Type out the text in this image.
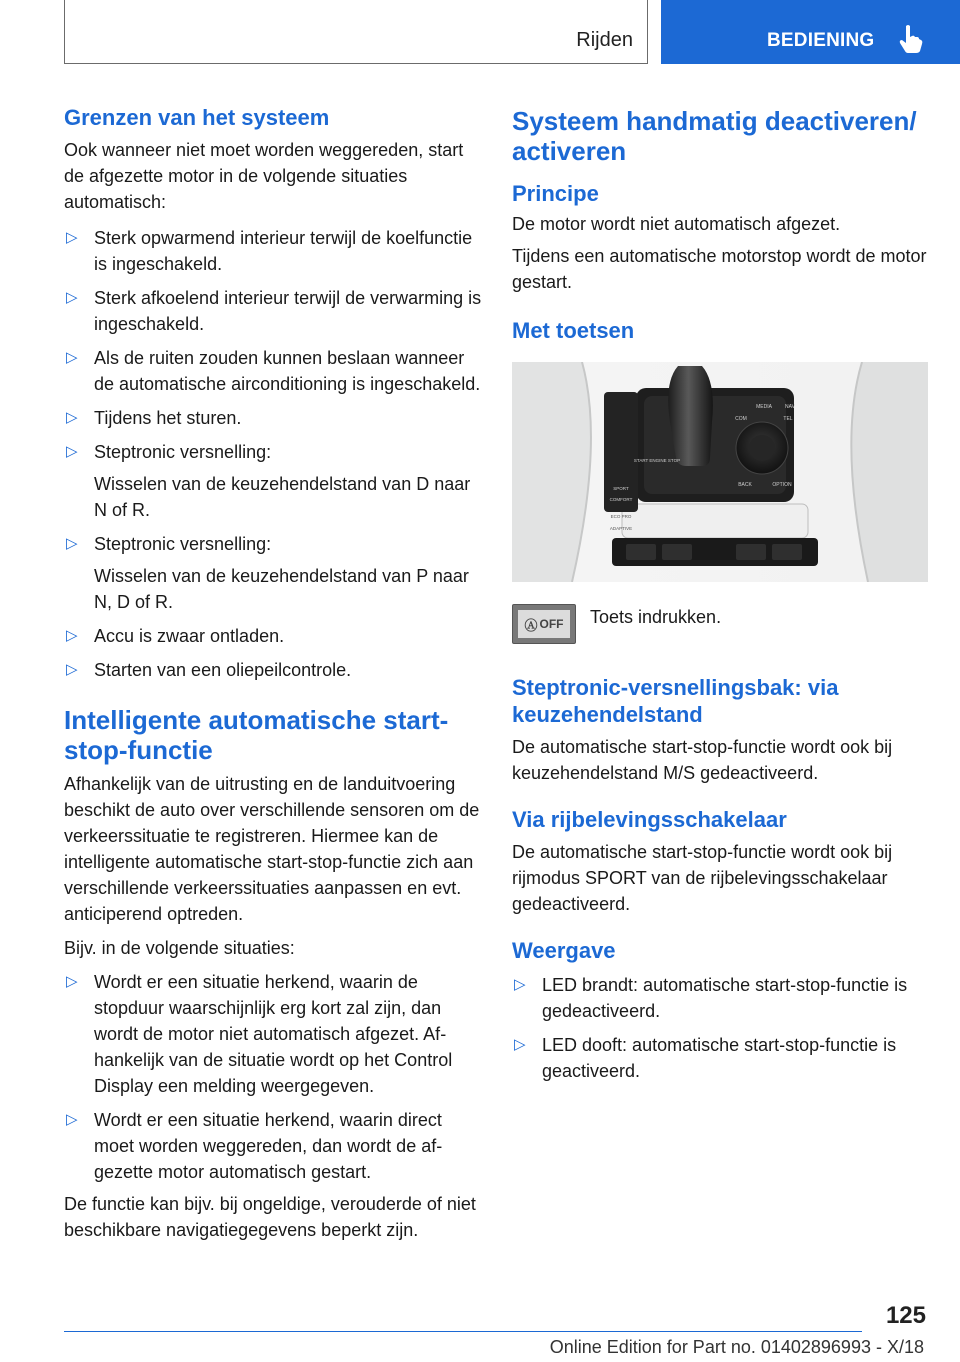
Rijden	BEDIENING
Grenzen van het systeem

Ook wanneer niet moet worden weggereden, start de afgezette motor in de volgende situaties automatisch:

▷ Sterk opwarmend interieur terwijl de koelfunctie is ingeschakeld.
▷ Sterk afkoelend interieur terwijl de verwarming is ingeschakeld.
▷ Als de ruiten zouden kunnen beslaan wanneer de automatische airconditioning is ingeschakeld.
▷ Tijdens het sturen.
▷ Steptronic versnelling:
Wisselen van de keuzehendelstand van D naar N of R.
▷ Steptronic versnelling:
Wisselen van de keuzehendelstand van P naar N, D of R.
▷ Accu is zwaar ontladen.
▷ Starten van een oliepeilcontrole.
Intelligente automatische startstop-functie

Afhankelijk van de uitrusting en de landuitvoering beschikt de auto over verschillende sensoren om de verkeerssituatie te registreren. Hiermee kan de intelligente automatische start-stop-functie zich aan verschillende verkeerssituaties aanpassen en evt. anticiperend optreden.

Bijv. in de volgende situaties:

▷ Wordt er een situatie herkend, waarin de stopduur waarschijnlijk erg kort zal zijn, dan wordt de motor niet automatisch afgezet. Afhankelijk van de situatie wordt op het Control Display een melding weergegeven.
▷ Wordt er een situatie herkend, waarin direct moet worden weggereden, dan wordt de afgezette motor automatisch gestart.

De functie kan bijv. bij ongeldige, verouderde of niet beschikbare navigatiegegevens beperkt zijn.

Systeem handmatig deactiveren/ activeren
Principe

De motor wordt niet automatisch afgezet.

Tijdens een automatische motorstop wordt de motor gestart.

Met toetsen
MEDIA
COM
NAV
TEL
BACK	OPTION
START ENGINE STOP
SPORT
COMFORT
ECO PRO
ADAPTIVE
Ⓐ OFF Toets indrukken.
Steptronic-versnellingsbak: via keuzehendelstand

De automatische start-stop-functie wordt ook bij keuzehendelstand M/S gedeactiveerd.

Via rijbelevingsschakelaar

De automatische start-stop-functie wordt ook bij rijmodus SPORT van de rijbelevingsschakelaar gedeactiveerd.

Weergave
▷ LED brandt: automatische start-stop-functie is gedeactiveerd.
▷ LED dooft: automatische start-stop-functie is geactiveerd.
125
Online Edition for Part no. 01402896993 - X/18
